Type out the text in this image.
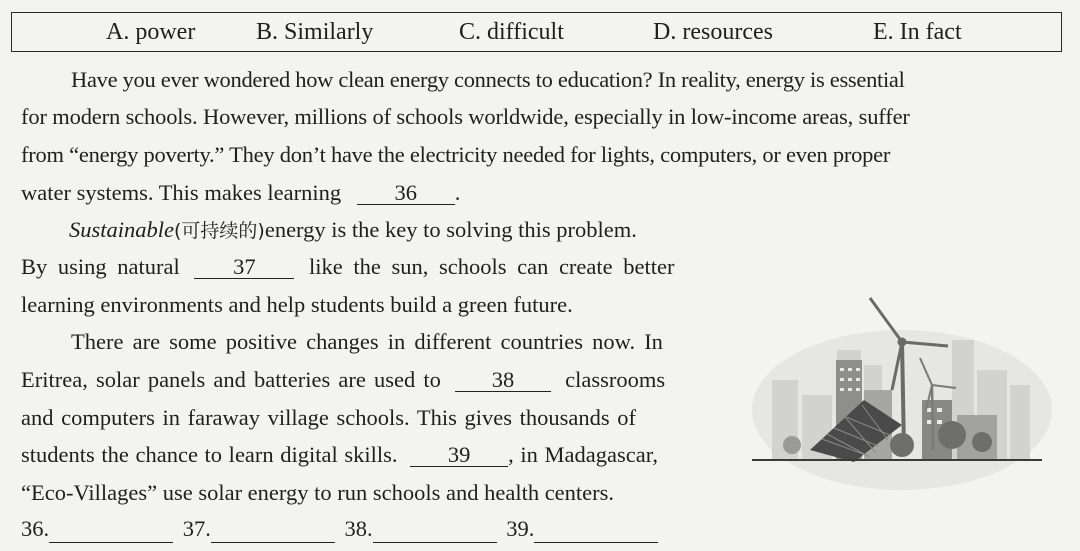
A. power	B. Similarly	C. difficult	D. resources	E. In fact
Have you ever wondered how clean energy connects to education? In reality, energy is essential
for modern schools. However, millions of schools worldwide, especially in low-income areas, suffer
from “energy poverty.” They don’t have the electricity needed for lights, computers, or even proper
water systems. This makes learning 36 .
Sustainable(可持续的)energy is the key to solving this problem.
By using natural 37 like the sun, schools can create better
learning environments and help students build a green future.
There are some positive changes in different countries now. In
Eritrea, solar panels and batteries are used to 38 classrooms
and computers in faraway village schools. This gives thousands of
students the chance to learn digital skills. 39 , in Madagascar,
“Eco-Villages” use solar energy to run schools and health centers.
36.	37.	38.	39.
